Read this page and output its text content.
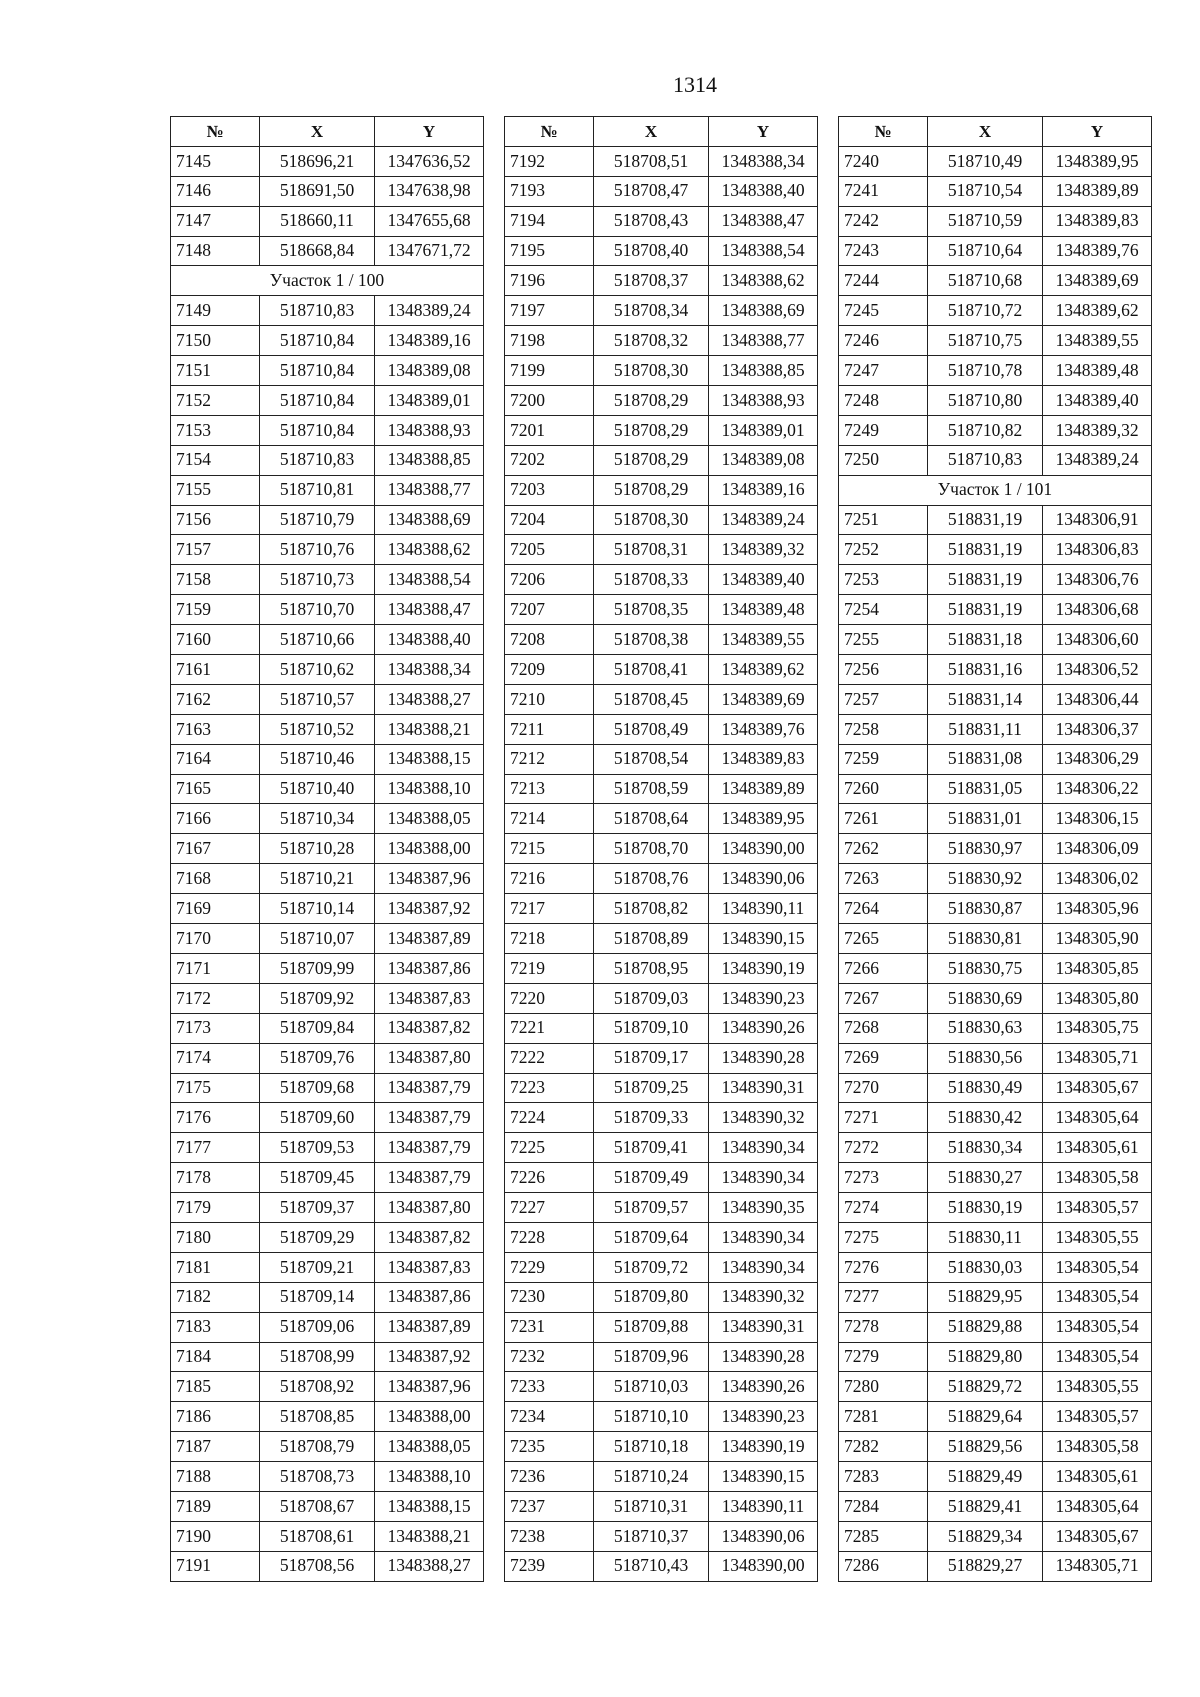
1314
№	X	Y
7145	518696,21	1347636,52
7146	518691,50	1347638,98
7147	518660,11	1347655,68
7148	518668,84	1347671,72
Участок 1 / 100		
7149	518710,83	1348389,24
7150	518710,84	1348389,16
7151	518710,84	1348389,08
7152	518710,84	1348389,01
7153	518710,84	1348388,93
7154	518710,83	1348388,85
7155	518710,81	1348388,77
7156	518710,79	1348388,69
7157	518710,76	1348388,62
7158	518710,73	1348388,54
7159	518710,70	1348388,47
7160	518710,66	1348388,40
7161	518710,62	1348388,34
7162	518710,57	1348388,27
7163	518710,52	1348388,21
7164	518710,46	1348388,15
7165	518710,40	1348388,10
7166	518710,34	1348388,05
7167	518710,28	1348388,00
7168	518710,21	1348387,96
7169	518710,14	1348387,92
7170	518710,07	1348387,89
7171	518709,99	1348387,86
7172	518709,92	1348387,83
7173	518709,84	1348387,82
7174	518709,76	1348387,80
7175	518709,68	1348387,79
7176	518709,60	1348387,79
7177	518709,53	1348387,79
7178	518709,45	1348387,79
7179	518709,37	1348387,80
7180	518709,29	1348387,82
7181	518709,21	1348387,83
7182	518709,14	1348387,86
7183	518709,06	1348387,89
7184	518708,99	1348387,92
7185	518708,92	1348387,96
7186	518708,85	1348388,00
7187	518708,79	1348388,05
7188	518708,73	1348388,10
7189	518708,67	1348388,15
7190	518708,61	1348388,21
7191	518708,56	1348388,27
№	X	Y
7192	518708,51	1348388,34
7193	518708,47	1348388,40
7194	518708,43	1348388,47
7195	518708,40	1348388,54
7196	518708,37	1348388,62
7197	518708,34	1348388,69
7198	518708,32	1348388,77
7199	518708,30	1348388,85
7200	518708,29	1348388,93
7201	518708,29	1348389,01
7202	518708,29	1348389,08
7203	518708,29	1348389,16
7204	518708,30	1348389,24
7205	518708,31	1348389,32
7206	518708,33	1348389,40
7207	518708,35	1348389,48
7208	518708,38	1348389,55
7209	518708,41	1348389,62
7210	518708,45	1348389,69
7211	518708,49	1348389,76
7212	518708,54	1348389,83
7213	518708,59	1348389,89
7214	518708,64	1348389,95
7215	518708,70	1348390,00
7216	518708,76	1348390,06
7217	518708,82	1348390,11
7218	518708,89	1348390,15
7219	518708,95	1348390,19
7220	518709,03	1348390,23
7221	518709,10	1348390,26
7222	518709,17	1348390,28
7223	518709,25	1348390,31
7224	518709,33	1348390,32
7225	518709,41	1348390,34
7226	518709,49	1348390,34
7227	518709,57	1348390,35
7228	518709,64	1348390,34
7229	518709,72	1348390,34
7230	518709,80	1348390,32
7231	518709,88	1348390,31
7232	518709,96	1348390,28
7233	518710,03	1348390,26
7234	518710,10	1348390,23
7235	518710,18	1348390,19
7236	518710,24	1348390,15
7237	518710,31	1348390,11
7238	518710,37	1348390,06
7239	518710,43	1348390,00
№	X	Y
7240	518710,49	1348389,95
7241	518710,54	1348389,89
7242	518710,59	1348389,83
7243	518710,64	1348389,76
7244	518710,68	1348389,69
7245	518710,72	1348389,62
7246	518710,75	1348389,55
7247	518710,78	1348389,48
7248	518710,80	1348389,40
7249	518710,82	1348389,32
7250	518710,83	1348389,24
Участок 1 / 101		
7251	518831,19	1348306,91
7252	518831,19	1348306,83
7253	518831,19	1348306,76
7254	518831,19	1348306,68
7255	518831,18	1348306,60
7256	518831,16	1348306,52
7257	518831,14	1348306,44
7258	518831,11	1348306,37
7259	518831,08	1348306,29
7260	518831,05	1348306,22
7261	518831,01	1348306,15
7262	518830,97	1348306,09
7263	518830,92	1348306,02
7264	518830,87	1348305,96
7265	518830,81	1348305,90
7266	518830,75	1348305,85
7267	518830,69	1348305,80
7268	518830,63	1348305,75
7269	518830,56	1348305,71
7270	518830,49	1348305,67
7271	518830,42	1348305,64
7272	518830,34	1348305,61
7273	518830,27	1348305,58
7274	518830,19	1348305,57
7275	518830,11	1348305,55
7276	518830,03	1348305,54
7277	518829,95	1348305,54
7278	518829,88	1348305,54
7279	518829,80	1348305,54
7280	518829,72	1348305,55
7281	518829,64	1348305,57
7282	518829,56	1348305,58
7283	518829,49	1348305,61
7284	518829,41	1348305,64
7285	518829,34	1348305,67
7286	518829,27	1348305,71
